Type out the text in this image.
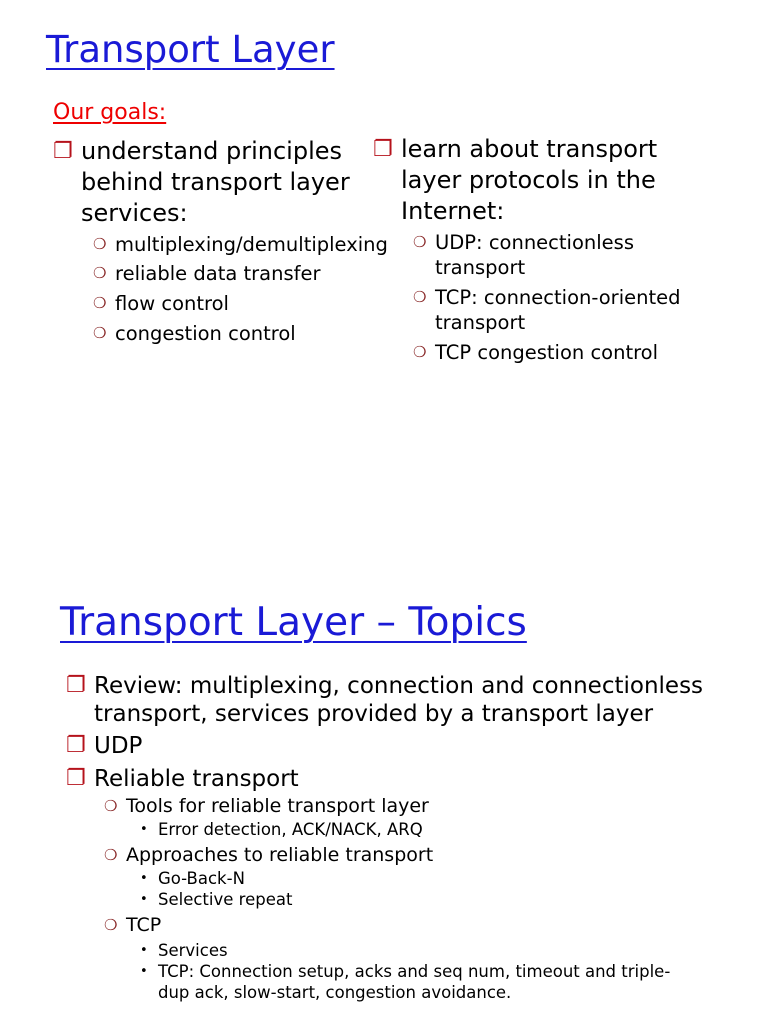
Transport Layer
Our goals:
❐ understand principles behind transport layer services:
❍ multiplexing/demultiplexing
❍ reliable data transfer
❍ flow control
❍ congestion control
❐ learn about transport layer protocols in the Internet:
❍ UDP: connectionless transport
❍ TCP: connection-oriented transport
❍ TCP congestion control
Transport Layer – Topics
❐ Review: multiplexing, connection and connectionless transport, services provided by a transport layer
❐ UDP
❐ Reliable transport
❍ Tools for reliable transport layer
• Error detection, ACK/NACK, ARQ
❍ Approaches to reliable transport
• Go-Back-N
• Selective repeat
❍ TCP
• Services
• TCP: Connection setup, acks and seq num, timeout and triple-dup ack, slow-start, congestion avoidance.
